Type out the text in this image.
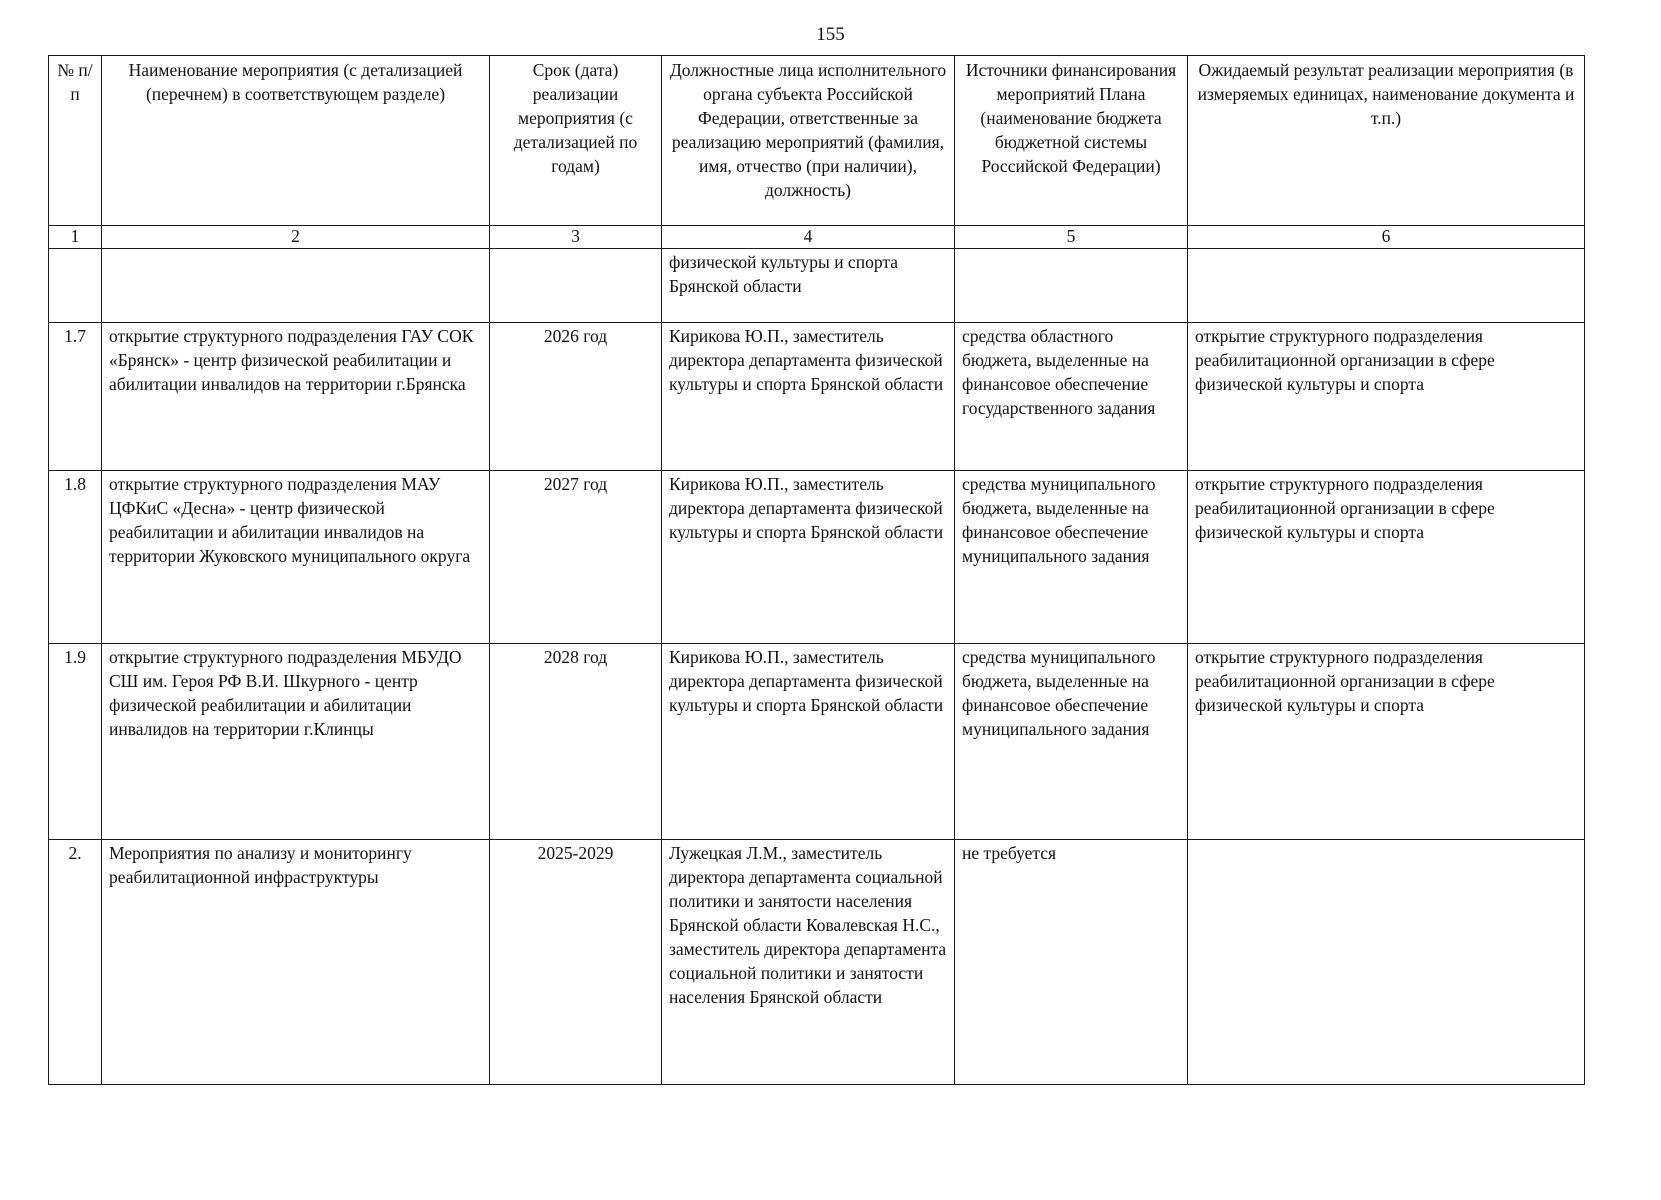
155
№ п/п	Наименование мероприятия (с детализацией (перечнем) в соответствующем разделе)	Срок (дата) реализации мероприятия (с детализацией по годам)	Должностные лица исполнительного органа субъекта Российской Федерации, ответственные за реализацию мероприятий (фамилия, имя, отчество (при наличии), должность)	Источники финансирования мероприятий Плана (наименование бюджета бюджетной системы Российской Федерации)	Ожидаемый результат реализации мероприятия (в измеряемых единицах, наименование документа и т.п.)
1	2	3	4	5	6
			физической культуры и спорта Брянской области		
1.7	открытие структурного подразделения ГАУ СОК «Брянск» - центр физической реабилитации и абилитации инвалидов на территории г.Брянска	2026 год	Кирикова Ю.П., заместитель директора департамента физической культуры и спорта Брянской области	средства областного бюджета, выделенные на финансовое обеспечение государственного задания	открытие структурного подразделения реабилитационной организации в сфере физической культуры и спорта
1.8	открытие структурного подразделения МАУ ЦФКиС «Десна» - центр физической реабилитации и абилитации инвалидов на территории Жуковского муниципального округа	2027 год	Кирикова Ю.П., заместитель директора департамента физической культуры и спорта Брянской области	средства муниципального бюджета, выделенные на финансовое обеспечение муниципального задания	открытие структурного подразделения реабилитационной организации в сфере физической культуры и спорта
1.9	открытие структурного подразделения МБУДО СШ им. Героя РФ В.И. Шкурного - центр физической реабилитации и абилитации инвалидов на территории г.Клинцы	2028 год	Кирикова Ю.П., заместитель директора департамента физической культуры и спорта Брянской области	средства муниципального бюджета, выделенные на финансовое обеспечение муниципального задания	открытие структурного подразделения реабилитационной организации в сфере физической культуры и спорта
2.	Мероприятия по анализу и мониторингу реабилитационной инфраструктуры	2025-2029	Лужецкая Л.М., заместитель директора департамента социальной политики и занятости населения Брянской области Ковалевская Н.С., заместитель директора департамента социальной политики и занятости населения Брянской области	не требуется	
